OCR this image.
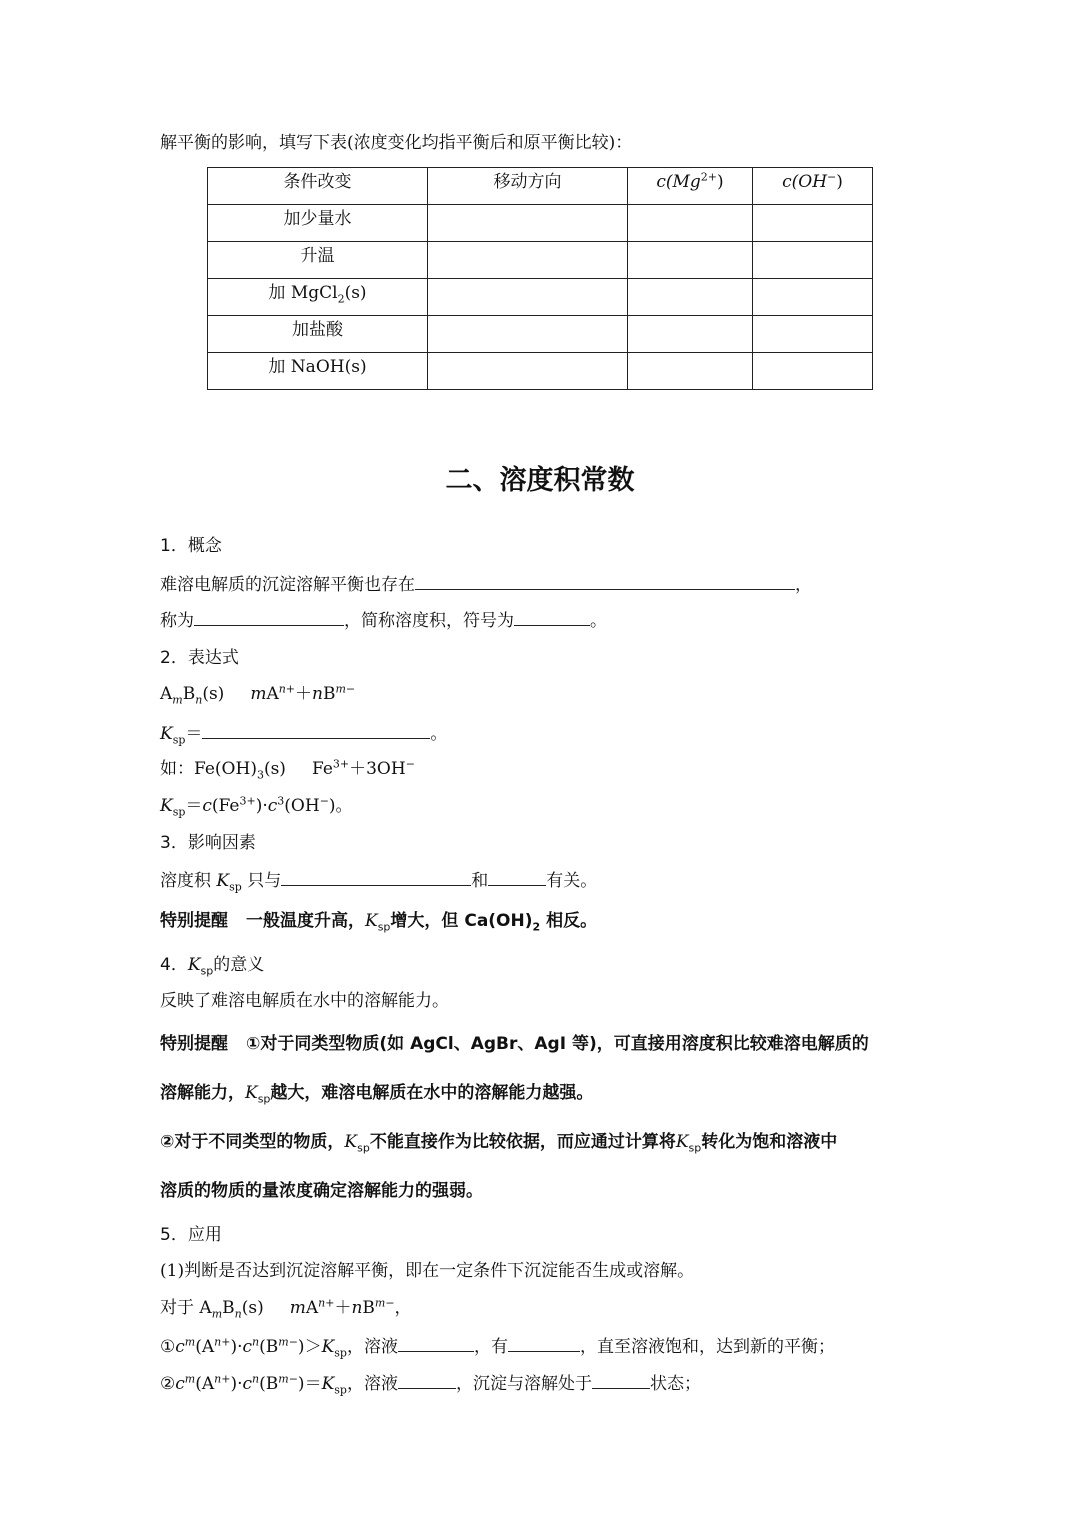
解平衡的影响，填写下表(浓度变化均指平衡后和原平衡比较)：
条件改变	移动方向	$c(Mg^{2+})$	c(OH−)
加少量水			
升温			
加 MgCl$_2$(s)			
加盐酸			
加 NaOH(s)			
二、溶度积常数
1．概念
难溶电解质的沉淀溶解平衡也存在	，
称为	，简称溶度积，符号为	。
2．表达式
$A_mB_n(s)$ $mA^{n+}+nB^{m-}$
$K_{sp}=$	。
如：$Fe(OH)_3(s)$ $Fe^{3+}+3OH^-$
$K_{sp}=c(Fe^{3+})\cdot c^3(OH^-)$。
3．影响因素
溶度积 $K_{sp}$ 只与	和	有关。
特别提醒 一般温度升高，$K_{sp}$增大，但 $Ca(OH)_2$ 相反。
4．$K_{sp}$的意义
反映了难溶电解质在水中的溶解能力。
特别提醒 ①对于同类型物质(如 AgCl、AgBr、AgI 等)，可直接用溶度积比较难溶电解质的
溶解能力，$K_{sp}$越大，难溶电解质在水中的溶解能力越强。
②对于不同类型的物质，$K_{sp}$不能直接作为比较依据，而应通过计算将$K_{sp}$转化为饱和溶液中
溶质的物质的量浓度确定溶解能力的强弱。
5．应用
(1)判断是否达到沉淀溶解平衡，即在一定条件下沉淀能否生成或溶解。
对于 $A_mB_n(s)$ $mA^{n+}+nB^{m-}$，
$①c^m(A^{n+})\cdot c^n(B^{m-})>K_{sp}$，溶液	，有	，直至溶液饱和，达到新的平衡；
$②c^m(A^{n+})\cdot c^n(B^{m-})=K_{sp}$，溶液	，沉淀与溶解处于	状态；
